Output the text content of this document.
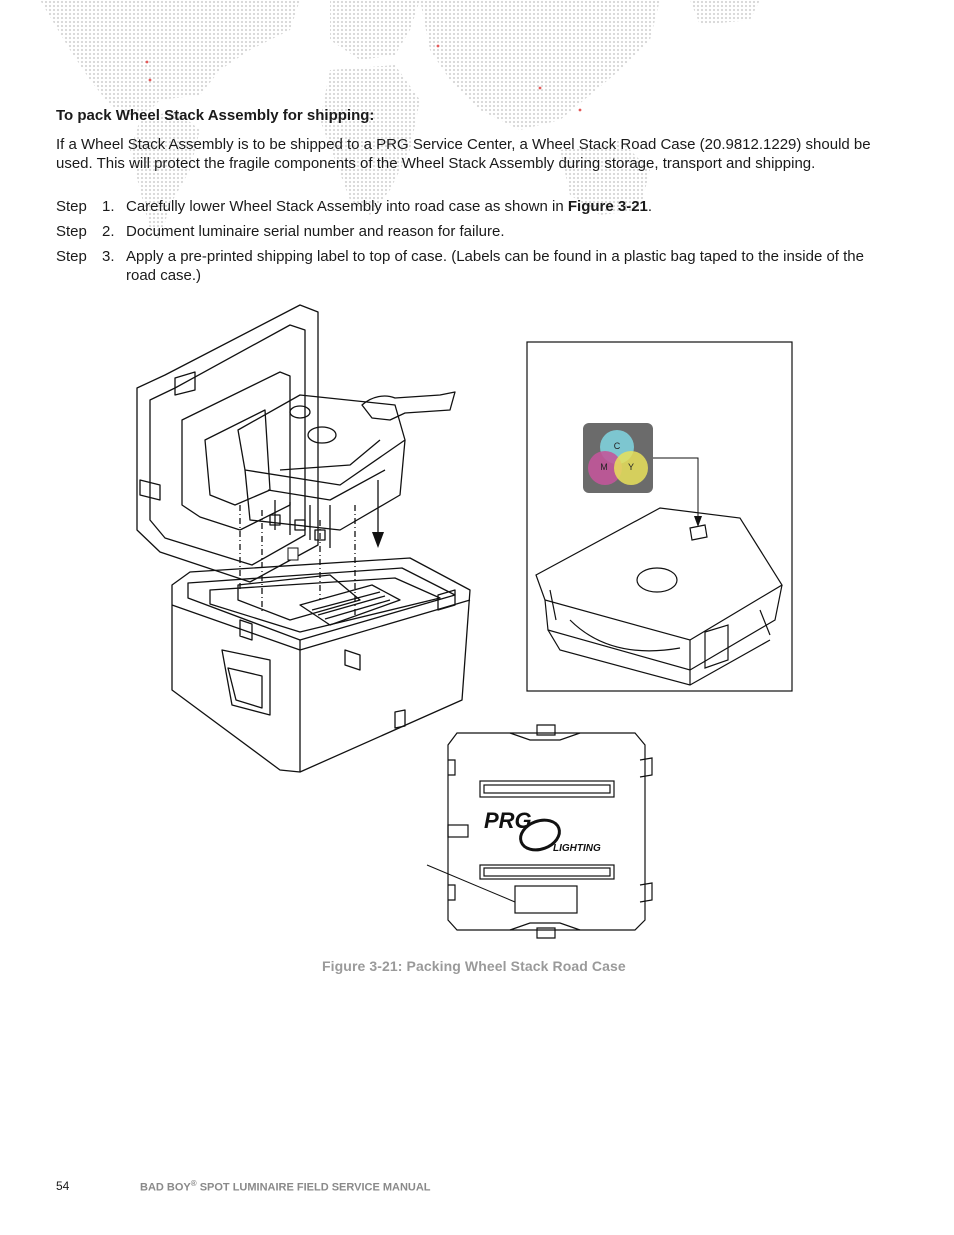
To pack Wheel Stack Assembly for shipping:
If a Wheel Stack Assembly is to be shipped to a PRG Service Center, a Wheel Stack Road Case (20.9812.1229) should be used. This will protect the fragile components of the Wheel Stack Assembly during storage, transport and shipping.
Step 1. Carefully lower Wheel Stack Assembly into road case as shown in Figure 3-21.
Step 2. Document luminaire serial number and reason for failure.
Step 3. Apply a pre-printed shipping label to top of case. (Labels can be found in a plastic bag taped to the inside of the road case.)
C
M Y
PRG
LIGHTING
Figure 3-21: Packing Wheel Stack Road Case
54	BAD BOY® SPOT LUMINAIRE FIELD SERVICE MANUAL
